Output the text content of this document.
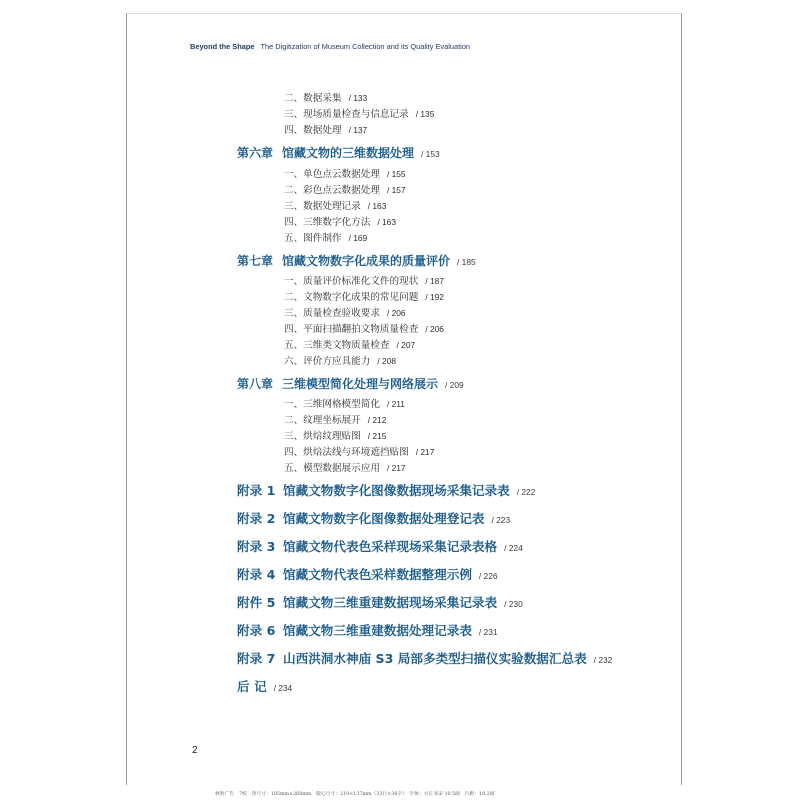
Beyond the Shape The Digitization of Museum Collection and its Quality Evaluation
二、数据采集 / 133
三、现场质量检查与信息记录 / 135
四、数据处理 / 137
第六章 馆藏文物的三维数据处理 / 153
一、单色点云数据处理 / 155
二、彩色点云数据处理 / 157
三、数据处理记录 / 163
四、三维数字化方法 / 163
五、图件制作 / 169
第七章 馆藏文物数字化成果的质量评价 / 185
一、质量评价标准化文件的现状 / 187
二、文物数字化成果的常见问题 / 192
三、质量检查验收要求 / 206
四、平面扫描翻拍文物质量检查 / 206
五、三维类文物质量检查 / 207
六、评价方应具能力 / 208
第八章 三维模型简化处理与网络展示 / 209
一、三维网格模型简化 / 211
二、纹理坐标展开 / 212
三、烘焙纹理贴图 / 215
四、烘焙法线与环境遮挡贴图 / 217
五、模型数据展示应用 / 217
附录 1 馆藏文物数字化图像数据现场采集记录表 / 222
附录 2 馆藏文物数字化图像数据处理登记表 / 223
附录 3 馆藏文物代表色采样现场采集记录表格 / 224
附录 4 馆藏文物代表色采样数据整理示例 / 226
附件 5 馆藏文物三维重建数据现场采集记录表 / 230
附录 6 馆藏文物三维重建数据处理记录表 / 231
附录 7 山西洪洞水神庙 S3 局部多类型扫描仪实验数据汇总表 / 232
后 记 / 234
2
林智广告　7校　净尺寸：185mm×260mm　版心尺寸：210×137mm（33行×36字）　字体：方正书宋 10.5磅　行距：18.2磅
